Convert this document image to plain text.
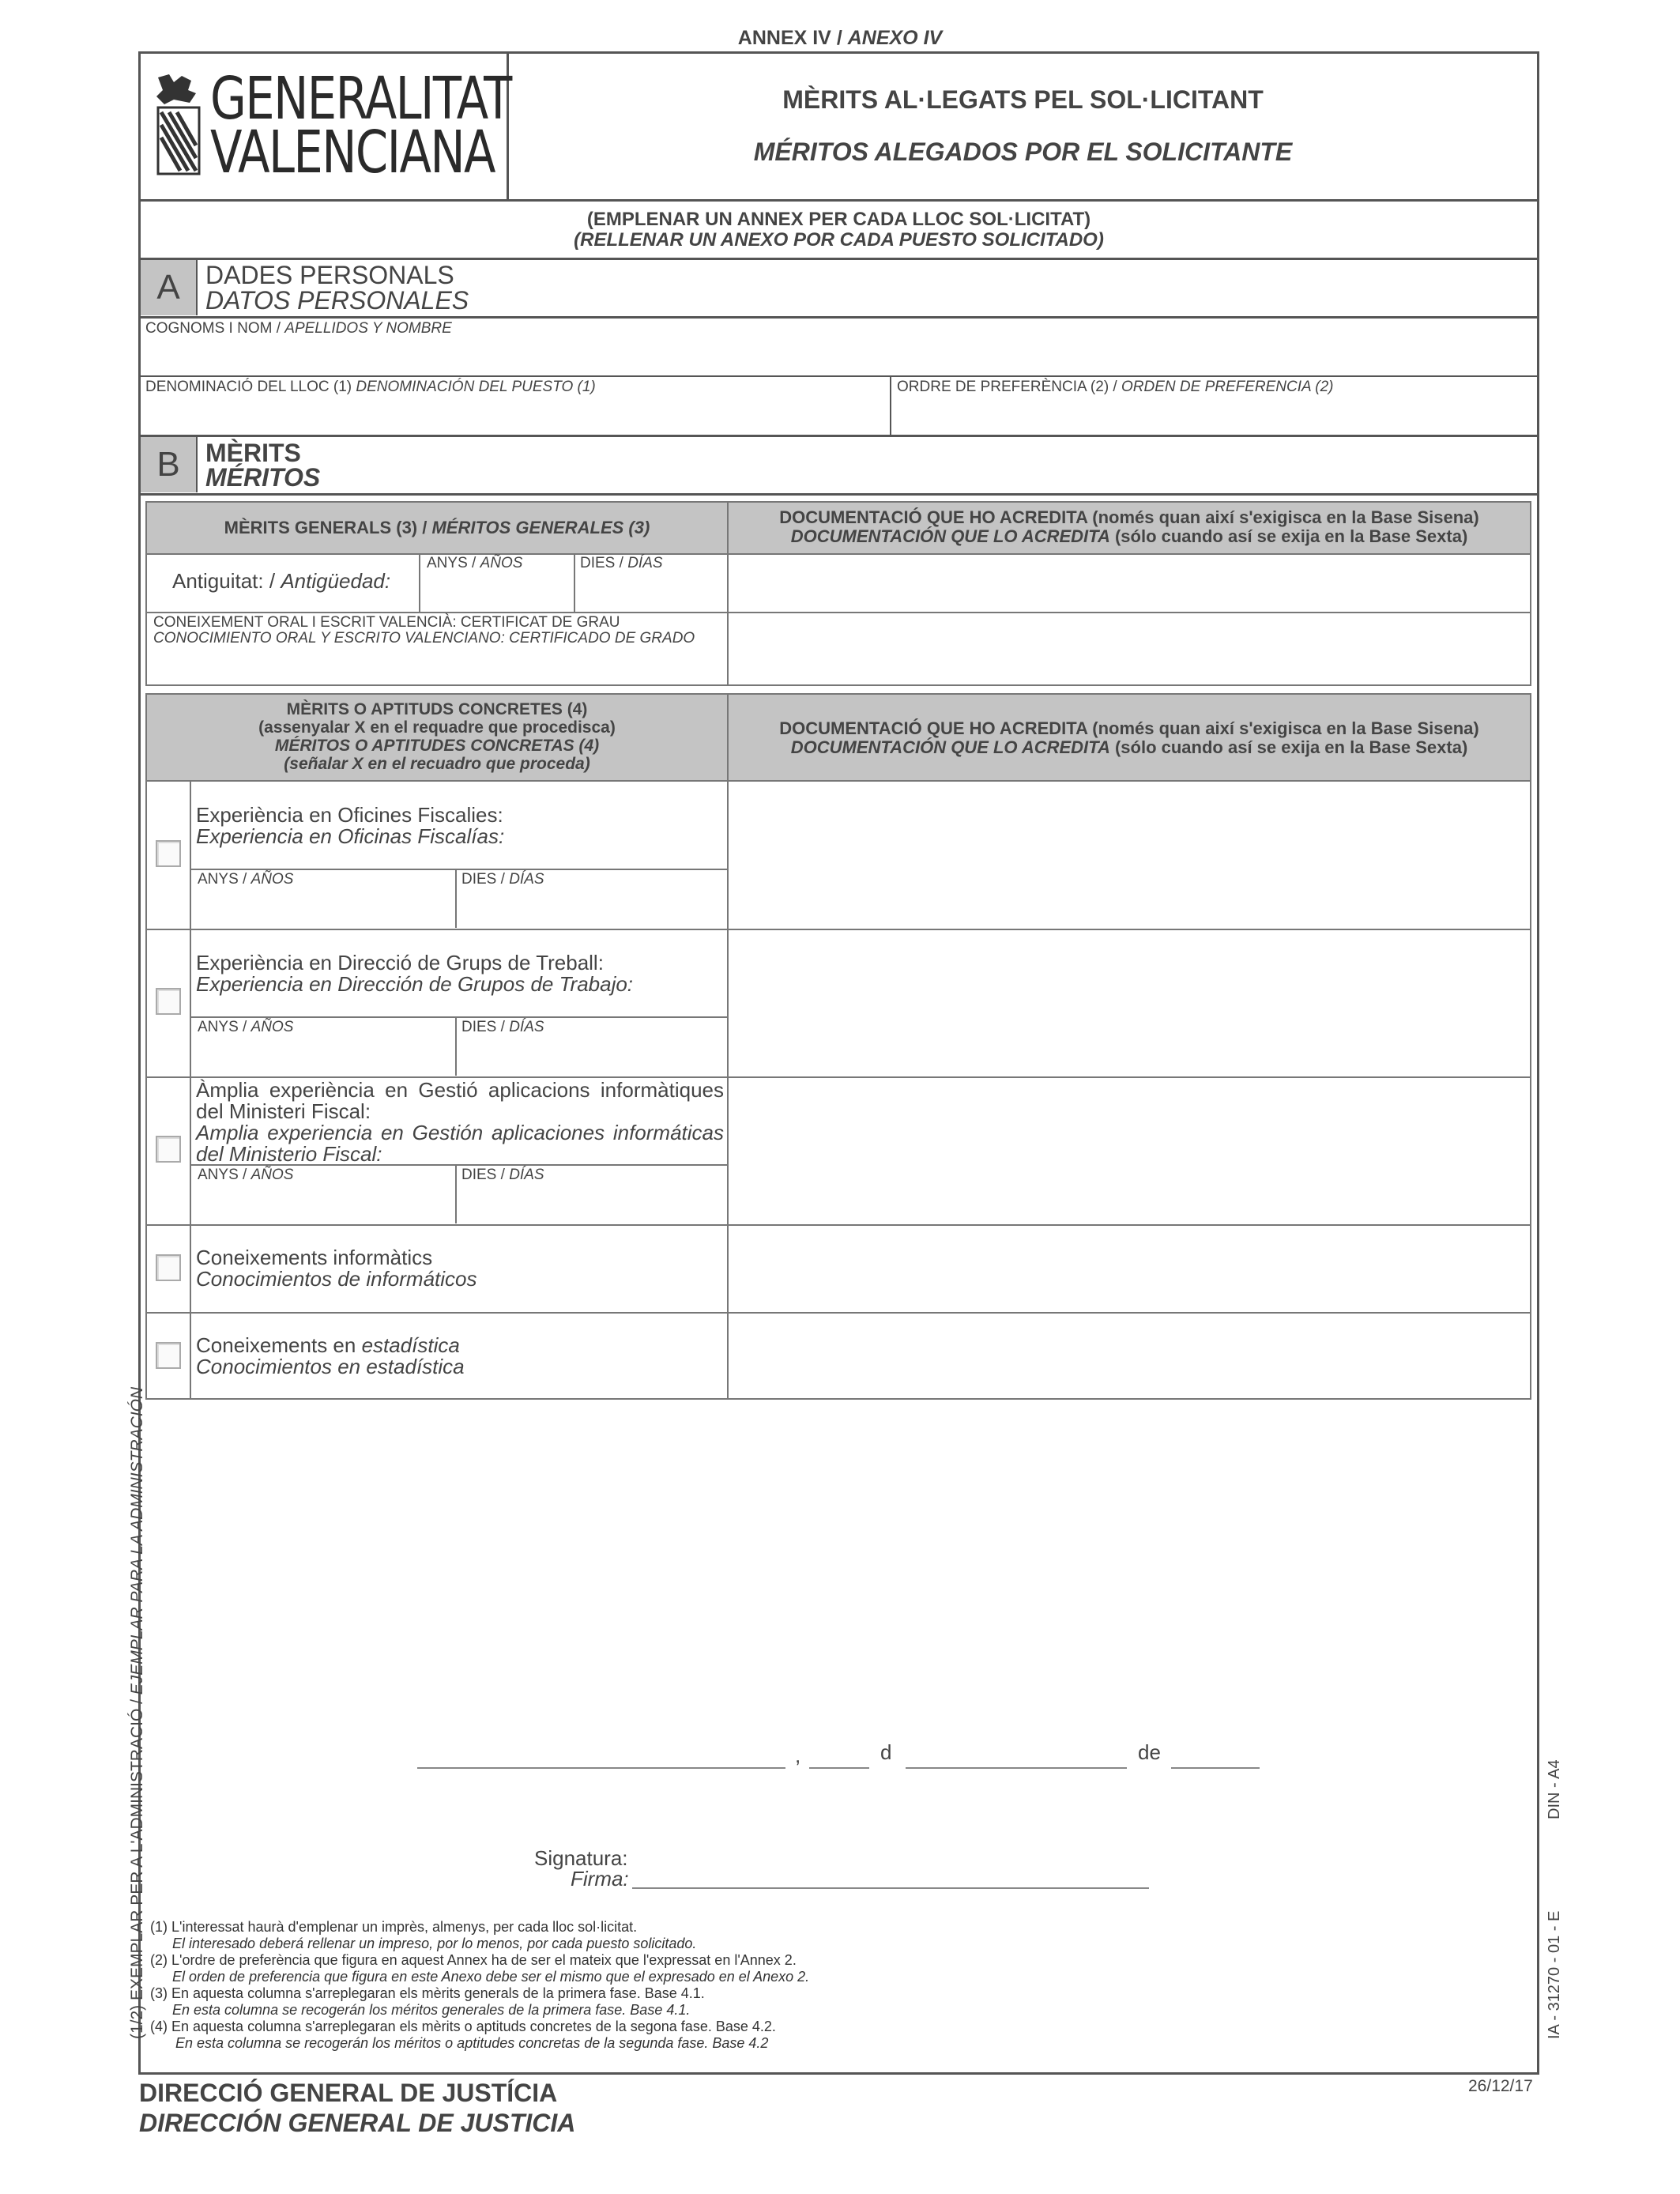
ANNEX IV / ANEXO IV
GENERALITAT
VALENCIANA
MÈRITS AL·LEGATS PEL SOL·LICITANT
MÉRITOS ALEGADOS POR EL SOLICITANTE
(EMPLENAR UN ANNEX PER CADA LLOC SOL·LICITAT)
(RELLENAR UN ANEXO POR CADA PUESTO SOLICITADO)
A	DADES PERSONALS
DATOS PERSONALES
COGNOMS I NOM / APELLIDOS Y NOMBRE
DENOMINACIÓ DEL LLOC (1) DENOMINACIÓN DEL PUESTO (1)	ORDRE DE PREFERÈNCIA (2) / ORDEN DE PREFERENCIA (2)
B	MÈRITS
MÉRITOS
MÈRITS GENERALS (3) / MÉRITOS GENERALES (3)
DOCUMENTACIÓ QUE HO ACREDITA (només quan així s'exigisca en la Base Sisena)
DOCUMENTACIÓN QUE LO ACREDITA (sólo cuando así se exija en la Base Sexta)
Antiguitat: / Antigüedad:
ANYS / AÑOS	DIES / DÍAS
CONEIXEMENT ORAL I ESCRIT VALENCIÀ: CERTIFICAT DE GRAU
CONOCIMIENTO ORAL Y ESCRITO VALENCIANO: CERTIFICADO DE GRADO
MÈRITS O APTITUDS CONCRETES (4)
(assenyalar X en el requadre que procedisca)
MÉRITOS O APTITUDES CONCRETAS (4)
(señalar X en el recuadro que proceda)
DOCUMENTACIÓ QUE HO ACREDITA (només quan així s'exigisca en la Base Sisena)
DOCUMENTACIÓN QUE LO ACREDITA (sólo cuando así se exija en la Base Sexta)
Experiència en Oficines Fiscalies:
Experiencia en Oficinas Fiscalías:
ANYS / AÑOS	DIES / DÍAS
Experiència en Direcció de Grups de Treball:
Experiencia en Dirección de Grupos de Trabajo:
ANYS / AÑOS	DIES / DÍAS
Àmplia experiència en Gestió aplicacions informàtiques del Ministeri Fiscal:
Amplia experiencia en Gestión aplicaciones informáticas del Ministerio Fiscal:
ANYS / AÑOS	DIES / DÍAS
Coneixements informàtics
Conocimientos de informáticos
Coneixements en estadística
Conocimientos en estadística
,	d	de
Signatura:
Firma:
(1) L'interessat haurà d'emplenar un imprès, almenys, per cada lloc sol·licitat.
El interesado deberá rellenar un impreso, por lo menos, por cada puesto solicitado.
(2) L'ordre de preferència que figura en aquest Annex ha de ser el mateix que l'expressat en l'Annex 2.
El orden de preferencia que figura en este Anexo debe ser el mismo que el expresado en el Anexo 2.
(3) En aquesta columna s'arreplegaran els mèrits generals de la primera fase. Base 4.1.
En esta columna se recogerán los méritos generales de la primera fase. Base 4.1.
(4) En aquesta columna s'arreplegaran els mèrits o aptituds concretes de la segona fase. Base 4.2.
En esta columna se recogerán los méritos o aptitudes concretas de la segunda fase. Base 4.2
(1/2) EXEMPLAR PER A L'ADMINISTRACIÓ / EJEMPLAR PARA LA ADMINISTRACIÓN
DIN - A4
IA - 31270 - 01 - E
26/12/17
DIRECCIÓ GENERAL DE JUSTÍCIA
DIRECCIÓN GENERAL DE JUSTICIA
